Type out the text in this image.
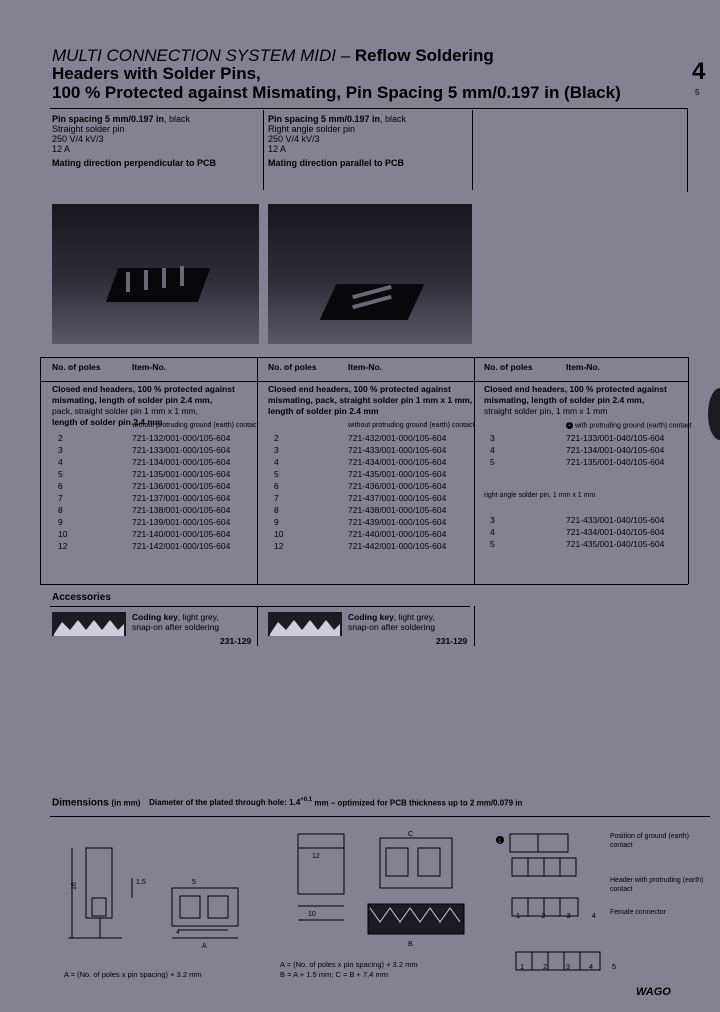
MULTI CONNECTION SYSTEM MIDI – Reflow Soldering
Headers with Solder Pins,
100 % Protected against Mismating, Pin Spacing 5 mm/0.197 in (Black)
4
5
Pin spacing 5 mm/0.197 in, black
Straight solder pin
250 V/4 kV/3
12 A
Mating direction perpendicular to PCB
Pin spacing 5 mm/0.197 in, black
Right angle solder pin
250 V/4 kV/3
12 A
Mating direction parallel to PCB
No. of poles	Item-No.
Closed end headers, 100 % protected against
mismating, length of solder pin 2.4 mm,
pack, straight solder pin 1 mm x 1 mm,
length of solder pin 2.4 mm
without protruding ground (earth) contact
2	721-132/001-000/105-604
3	721-133/001-000/105-604
4	721-134/001-000/105-604
5	721-135/001-000/105-604
6	721-136/001-000/105-604
7	721-137/001-000/105-604
8	721-138/001-000/105-604
9	721-139/001-000/105-604
10	721-140/001-000/105-604
12	721-142/001-000/105-604
No. of poles	Item-No.
Closed end headers, 100 % protected against
mismating, pack, straight solder pin 1 mm x 1 mm,
length of solder pin 2.4 mm
without protruding ground (earth) contact
2	721-432/001-000/105-604
3	721-433/001-000/105-604
4	721-434/001-000/105-604
5	721-435/001-000/105-604
6	721-436/001-000/105-604
7	721-437/001-000/105-604
8	721-438/001-000/105-604
9	721-439/001-000/105-604
10	721-440/001-000/105-604
12	721-442/001-000/105-604
No. of poles	Item-No.
Closed end headers, 100 % protected against
mismating, length of solder pin 2.4 mm,
straight solder pin, 1 mm x 1 mm
1 with protruding ground (earth) contact
3	721-133/001-040/105-604
4	721-134/001-040/105-604
5	721-135/001-040/105-604
right angle solder pin, 1 mm x 1 mm
3	721-433/001-040/105-604
4	721-434/001-040/105-604
5	721-435/001-040/105-604
Accessories
Coding key, light grey,
snap-on after soldering
231-129
Coding key, light grey,
snap-on after soldering
231-129
Dimensions (in mm) Diameter of the plated through hole: $1.4^{+0.1}$ mm – optimized for PCB thickness up to 2 mm/0.079 in
16	1.5	5
A
4
A = (No. of poles x pin spacing) + 3.2 mm
12
10
B
C
A = (No. of poles x pin spacing) + 3.2 mm
B = A + 1.5 mm; C = B + 7.4 mm
1
Position of ground (earth) contact
Header with protruding (earth) contact
Female connector
1	2	3	4
1	2	3	4	5
WAGO
